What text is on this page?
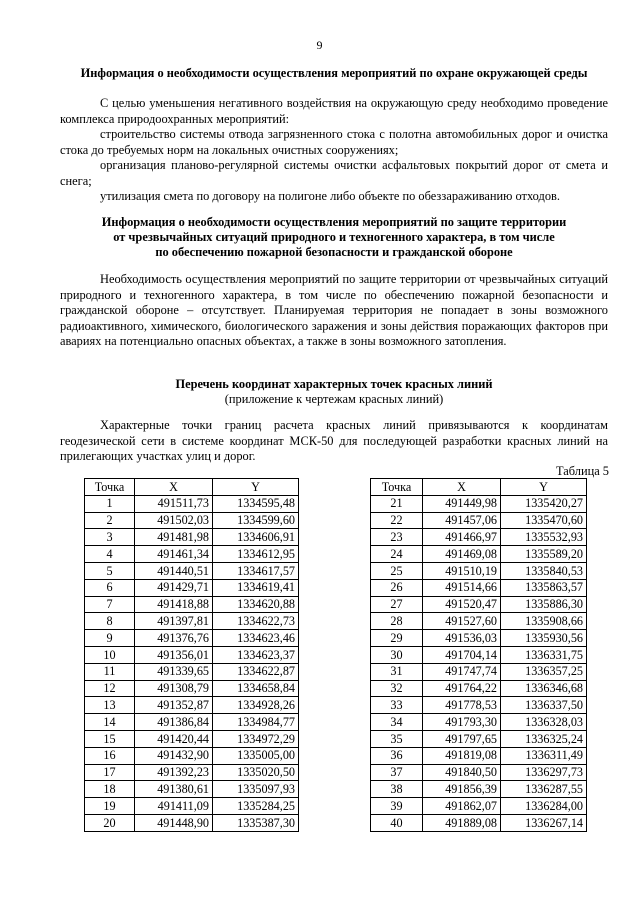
9
Информация о необходимости осуществления мероприятий по охране окружающей среды

С целью уменьшения негативного воздействия на окружающую среду необходимо проведение комплекса природоохранных мероприятий:

строительство системы отвода загрязненного стока с полотна автомобильных дорог и очистка стока до требуемых норм на локальных очистных сооружениях;

организация планово-регулярной системы очистки асфальтовых покрытий дорог от смета и снега;

утилизация смета по договору на полигоне либо объекте по обеззараживанию отходов.

Информация о необходимости осуществления мероприятий по защите территории
от чрезвычайных ситуаций природного и техногенного характера, в том числе
по обеспечению пожарной безопасности и гражданской обороне

Необходимость осуществления мероприятий по защите территории от чрезвычайных ситуаций природного и техногенного характера, в том числе по обеспечению пожарной безопасности и гражданской обороне – отсутствует. Планируемая территория не попадает в зоны возможного радиоактивного, химического, биологического заражения и зоны действия поражающих факторов при авариях на потенциально опасных объектах, а также в зоны возможного затопления.

Перечень координат характерных точек красных линий
(приложение к чертежам красных линий)

Характерные точки границ расчета красных линий привязываются к координатам геодезической сети в системе координат МСК-50 для последующей разработки красных линий на прилегающих участках улиц и дорог.

Таблица 5
Точка	X	Y
1	491511,73	1334595,48
2	491502,03	1334599,60
3	491481,98	1334606,91
4	491461,34	1334612,95
5	491440,51	1334617,57
6	491429,71	1334619,41
7	491418,88	1334620,88
8	491397,81	1334622,73
9	491376,76	1334623,46
10	491356,01	1334623,37
11	491339,65	1334622,87
12	491308,79	1334658,84
13	491352,87	1334928,26
14	491386,84	1334984,77
15	491420,44	1334972,29
16	491432,90	1335005,00
17	491392,23	1335020,50
18	491380,61	1335097,93
19	491411,09	1335284,25
20	491448,90	1335387,30
Точка	X	Y
21	491449,98	1335420,27
22	491457,06	1335470,60
23	491466,97	1335532,93
24	491469,08	1335589,20
25	491510,19	1335840,53
26	491514,66	1335863,57
27	491520,47	1335886,30
28	491527,60	1335908,66
29	491536,03	1335930,56
30	491704,14	1336331,75
31	491747,74	1336357,25
32	491764,22	1336346,68
33	491778,53	1336337,50
34	491793,30	1336328,03
35	491797,65	1336325,24
36	491819,08	1336311,49
37	491840,50	1336297,73
38	491856,39	1336287,55
39	491862,07	1336284,00
40	491889,08	1336267,14
